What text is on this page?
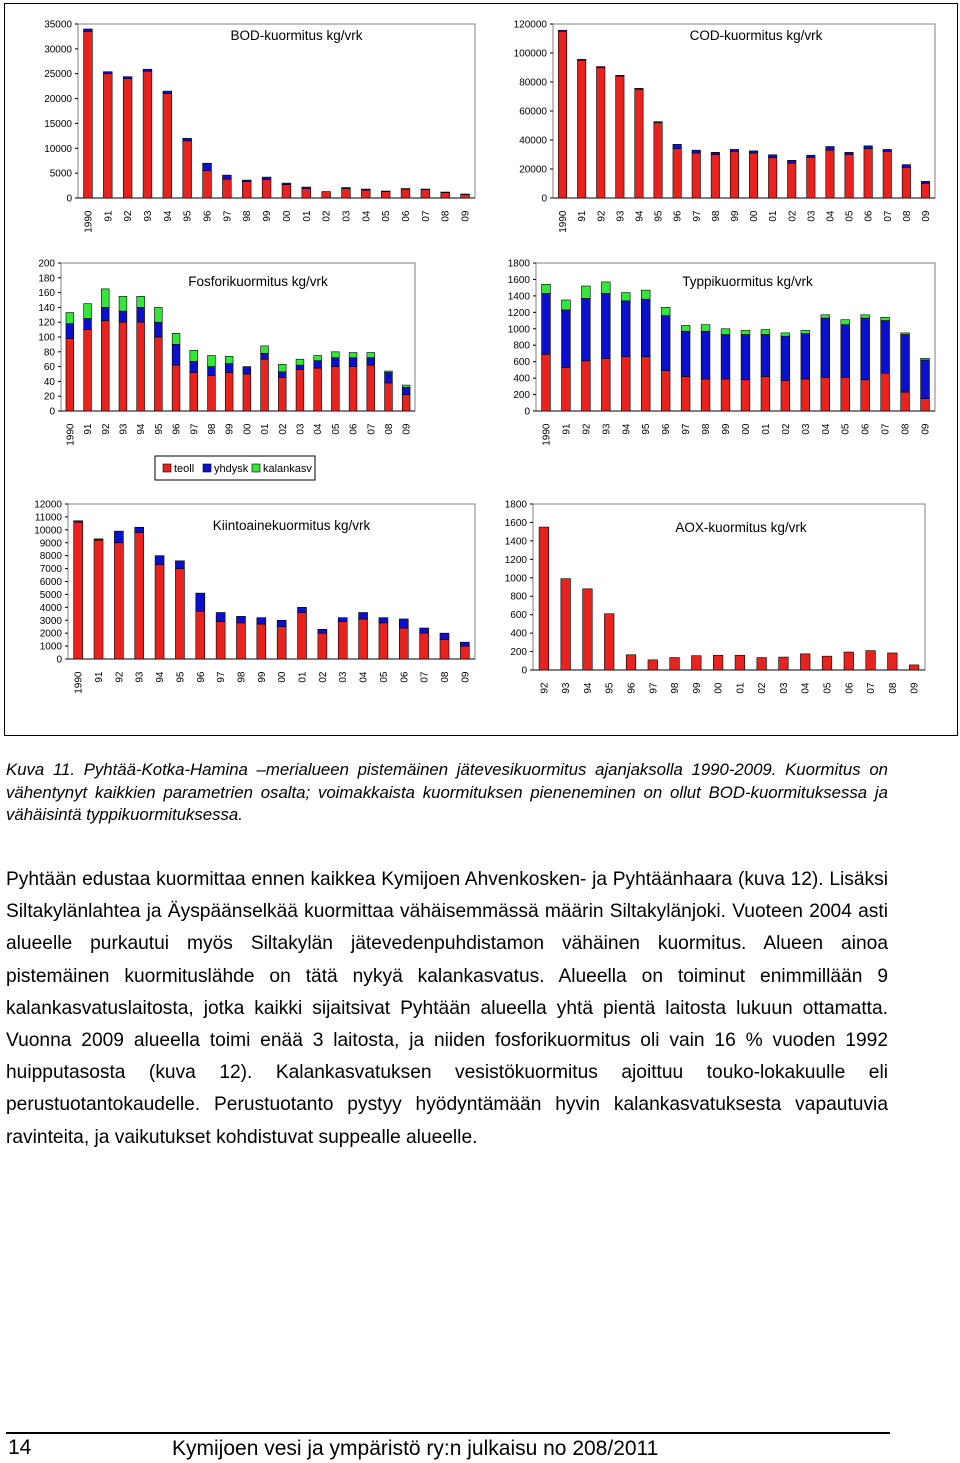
0
5000
10000
15000
20000
25000
30000
35000
1990 91 92 93 94 95 96 97 98 99 00 01 02 03 04 05 06 07 08 09
BOD-kuormitus kg/vrk
0
20000
40000
60000
80000
100000
120000
1990 91 92 93 94 95 96 97 98 99 00 01 02 03 04 05 06 07 08 09
COD-kuormitus kg/vrk
0
20
40
60
80
100
120
140
160
180
200
1990 91 92 93 94 95 96 97 98 99 00 01 02 03 04 05 06 07 08 09
Fosforikuormitus kg/vrk
0
200
400
600
800
1000
1200
1400
1600
1800
1990 91 92 93 94 95 96 97 98 99 00 01 02 03 04 05 06 07 08 09
Typpikuormitus kg/vrk
0
1000
2000
3000
4000
5000
6000
7000
8000
9000
10000
11000
12000
1990 91 92 93 94 95 96 97 98 99 00 01 02 03 04 05 06 07 08 09
Kiintoainekuormitus kg/vrk
0
200
400
600
800
1000
1200
1400
1600
1800
92 93 94 95 96 97 98 99 00 01 02 03 04 05 06 07 08 09
AOX-kuormitus kg/vrk
teoll yhdysk kalankasv
Kuva 11. Pyhtää-Kotka-Hamina –merialueen pistemäinen jätevesikuormitus ajanjaksolla 1990-2009. Kuormitus on vähentynyt kaikkien parametrien osalta; voimakkaista kuormituksen pieneneminen on ollut BOD-kuormituksessa ja vähäisintä typpikuormituksessa.
Pyhtään edustaa kuormittaa ennen kaikkea Kymijoen Ahvenkosken- ja Pyhtäänhaara (kuva 12). Lisäksi Siltakylänlahtea ja Äyspäänselkää kuormittaa vähäisemmässä määrin Siltakylänjoki. Vuoteen 2004 asti alueelle purkautui myös Siltakylän jätevedenpuhdistamon vähäinen kuormitus. Alueen ainoa pistemäinen kuormituslähde on tätä nykyä kalankasvatus. Alueella on toiminut enimmillään 9 kalankasvatuslaitosta, jotka kaikki sijaitsivat Pyhtään alueella yhtä pientä laitosta lukuun ottamatta. Vuonna 2009 alueella toimi enää 3 laitosta, ja niiden fosforikuormitus oli vain 16 % vuoden 1992 huipputasosta (kuva 12). Kalankasvatuksen vesistökuormitus ajoittuu touko-lokakuulle eli perustuotantokaudelle. Perustuotanto pystyy hyödyntämään hyvin kalankasvatuksesta vapautuvia ravinteita, ja vaikutukset kohdistuvat suppealle alueelle.
14	Kymijoen vesi ja ympäristö ry:n julkaisu no 208/2011
